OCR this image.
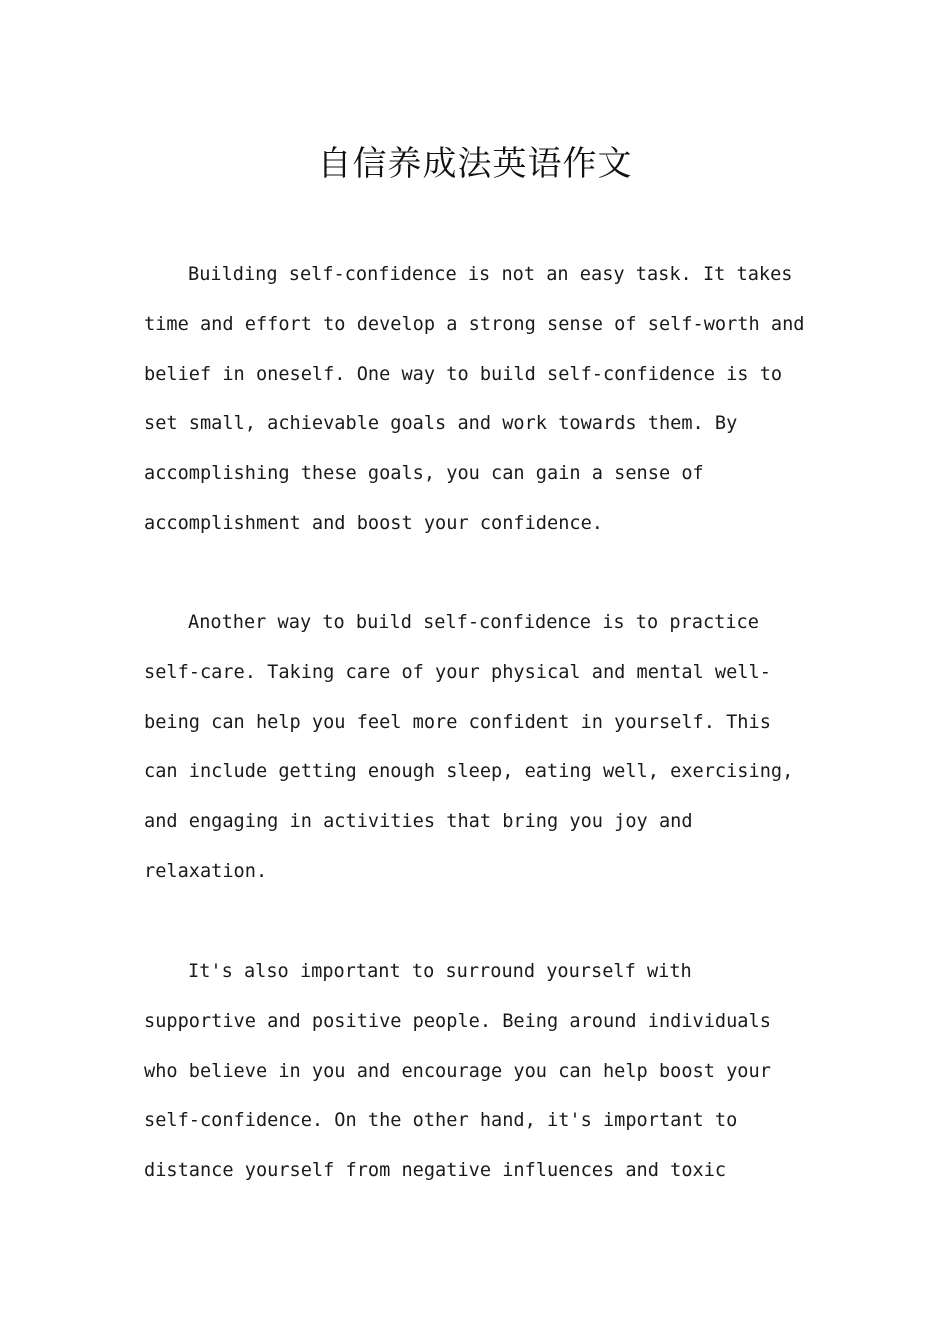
自信养成法英语作文
Building self-confidence is not an easy task. It takes
time and effort to develop a strong sense of self-worth and
belief in oneself. One way to build self-confidence is to
set small, achievable goals and work towards them. By
accomplishing these goals, you can gain a sense of
accomplishment and boost your confidence.
Another way to build self-confidence is to practice
self-care. Taking care of your physical and mental well-
being can help you feel more confident in yourself. This
can include getting enough sleep, eating well, exercising,
and engaging in activities that bring you joy and
relaxation.
It's also important to surround yourself with
supportive and positive people. Being around individuals
who believe in you and encourage you can help boost your
self-confidence. On the other hand, it's important to
distance yourself from negative influences and toxic
